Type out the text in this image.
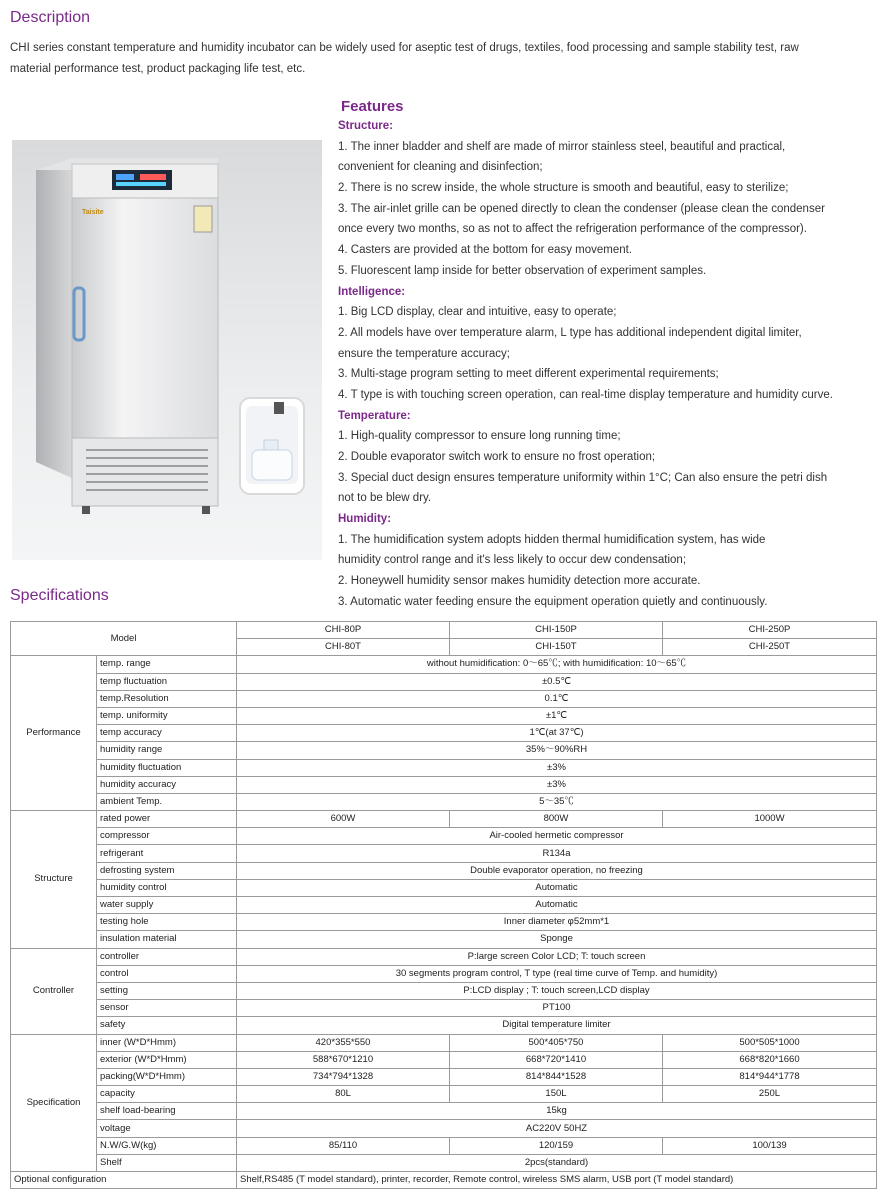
Description

CHI series constant temperature and humidity incubator can be widely used for aseptic test of drugs, textiles, food processing and sample stability test, raw material performance test, product packaging life test, etc.

Taisite
Features
Structure:
1. The inner bladder and shelf are made of mirror stainless steel, beautiful and practical,
convenient for cleaning and disinfection;
2. There is no screw inside, the whole structure is smooth and beautiful, easy to sterilize;
3. The air-inlet grille can be opened directly to clean the condenser (please clean the condenser
once every two months, so as not to affect the refrigeration performance of the compressor).
4. Casters are provided at the bottom for easy movement.
5. Fluorescent lamp inside for better observation of experiment samples.
Intelligence:
1. Big LCD display, clear and intuitive, easy to operate;
2. All models have over temperature alarm, L type has additional independent digital limiter,
ensure the temperature accuracy;
3. Multi-stage program setting to meet different experimental requirements;
4. T type is with touching screen operation, can real-time display temperature and humidity curve.
Temperature:
1. High-quality compressor to ensure long running time;
2. Double evaporator switch work to ensure no frost operation;
3. Special duct design ensures temperature uniformity within 1°C; Can also ensure the petri dish
not to be blew dry.
Humidity:
1. The humidification system adopts hidden thermal humidification system, has wide
humidity control range and it's less likely to occur dew condensation;
2. Honeywell humidity sensor makes humidity detection more accurate.
3. Automatic water feeding ensure the equipment operation quietly and continuously.
Specifications
Model		CHI-80P	CHI-150P	CHI-250P
		CHI-80T	CHI-150T	CHI-250T
Performance	temp. range	without humidification: 0～65℃; with humidification: 10～65℃		
	temp fluctuation	±0.5℃		
	temp.Resolution	0.1℃		
	temp. uniformity	±1℃		
	temp accuracy	1℃(at 37℃)		
	humidity range	35%～90%RH		
	humidity fluctuation	±3%		
	humidity accuracy	±3%		
	ambient Temp.	5～35℃		
Structure	rated power	600W	800W	1000W
	compressor	Air-cooled hermetic compressor		
	refrigerant	R134a		
	defrosting system	Double evaporator operation, no freezing		
	humidity control	Automatic		
	water supply	Automatic		
	testing hole	Inner diameter φ52mm*1		
	insulation material	Sponge		
Controller	controller	P:large screen Color LCD; T: touch screen		
	control	30 segments program control, T type (real time curve of Temp. and humidity)		
	setting	P:LCD display ; T: touch screen,LCD display		
	sensor	PT100		
	safety	Digital temperature limiter		
Specification	inner (W*D*Hmm)	420*355*550	500*405*750	500*505*1000
	exterior (W*D*Hmm)	588*670*1210	668*720*1410	668*820*1660
	packing(W*D*Hmm)	734*794*1328	814*844*1528	814*944*1778
	capacity	80L	150L	250L
	shelf load-bearing	15kg		
	voltage	AC220V 50HZ		
	N.W/G.W(kg)	85/110	120/159	100/139
	Shelf	2pcs(standard)		
Optional configuration		Shelf,RS485 (T model standard), printer, recorder, Remote control, wireless SMS alarm, USB port (T model standard)		
